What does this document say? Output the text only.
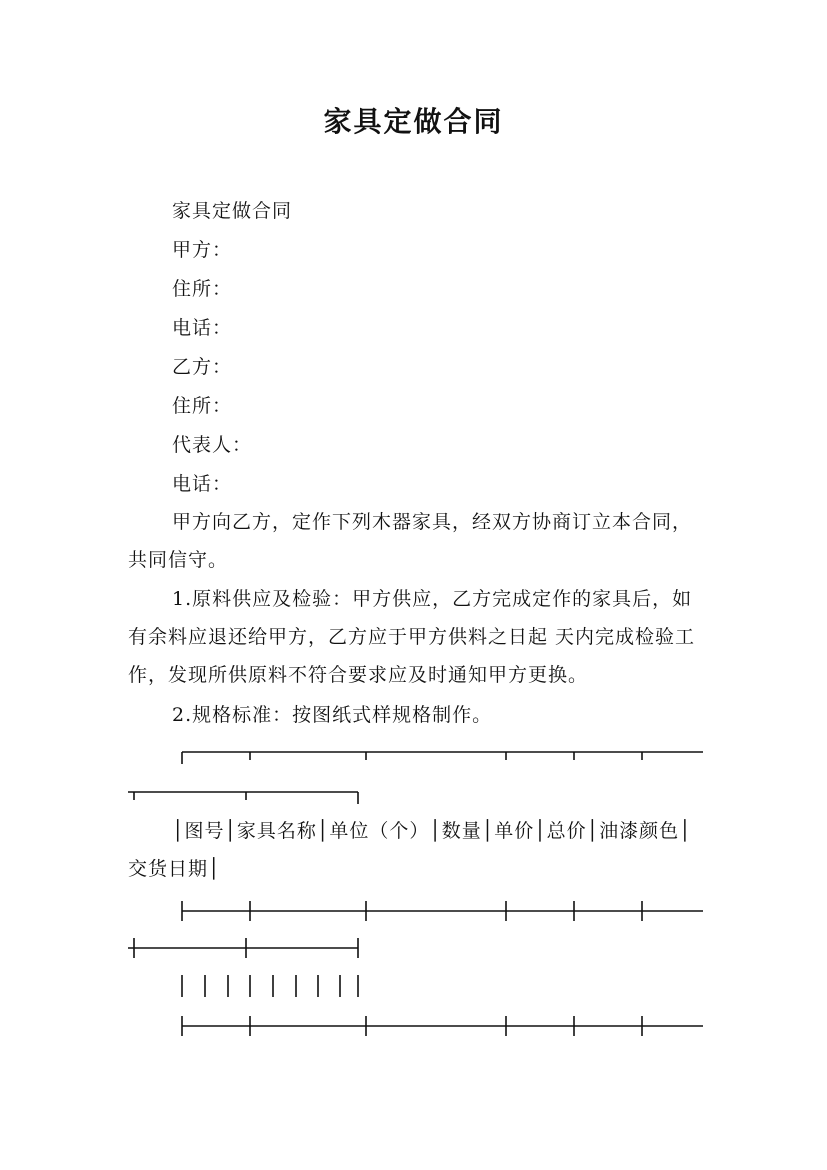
家具定做合同
家具定做合同
甲方：
住所：
电话：
乙方：
住所：
代表人：
电话：
甲方向乙方，定作下列木器家具，经双方协商订立本合同，共同信守。
1.原料供应及检验：甲方供应，乙方完成定作的家具后，如有余料应退还给甲方，乙方应于甲方供料之日起 天内完成检验工作，发现所供原料不符合要求应及时通知甲方更换。
2.规格标准：按图纸式样规格制作。
│图号│家具名称│单位（个）│数量│单价│总价│油漆颜色│交货日期│
